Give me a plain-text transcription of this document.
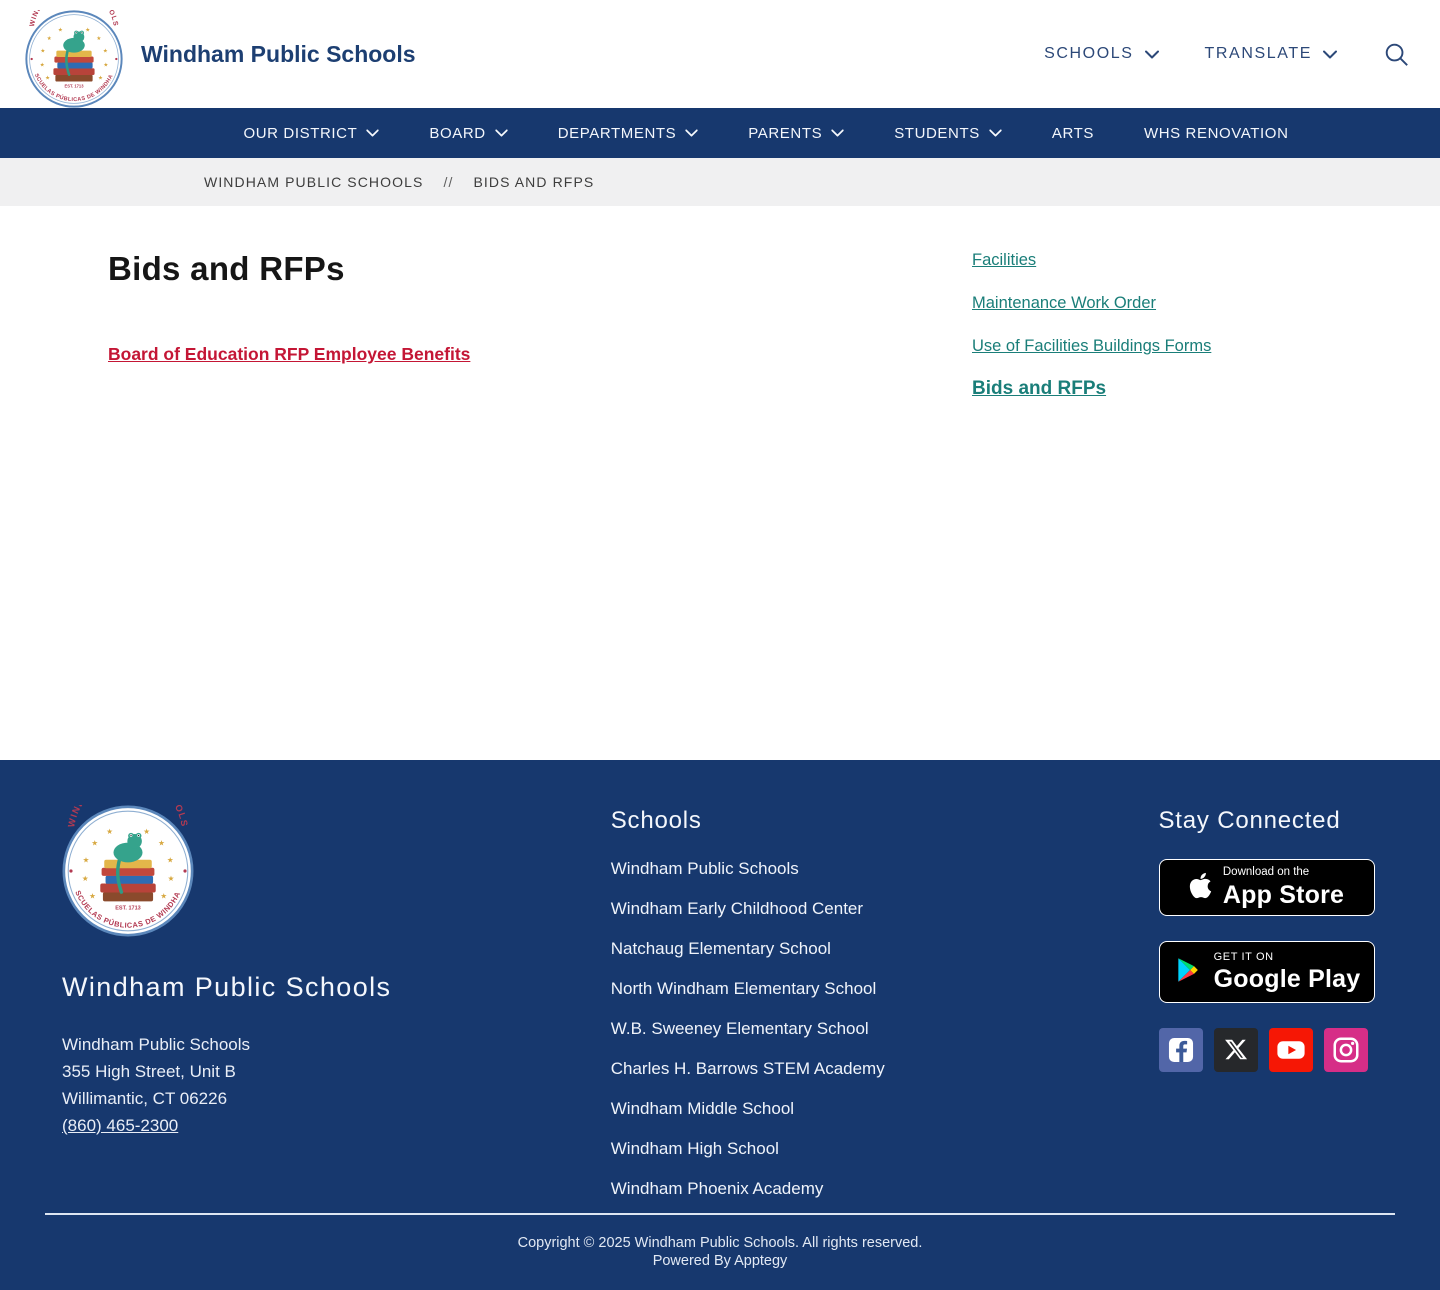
Windham Public Schools	SCHOOLS	TRANSLATE
OUR DISTRICT	BOARD	DEPARTMENTS	PARENTS	STUDENTS	ARTS	WHS RENOVATION
WINDHAM PUBLIC SCHOOLS // BIDS AND RFPS
Bids and RFPs
Board of Education RFP Employee Benefits
Facilities
Maintenance Work Order
Use of Facilities Buildings Forms
Bids and RFPs
Windham Public Schools
Windham Public Schools
355 High Street, Unit B
Willimantic, CT 06226
(860) 465-2300
Schools
Windham Public Schools
Windham Early Childhood Center
Natchaug Elementary School
North Windham Elementary School
W.B. Sweeney Elementary School
Charles H. Barrows STEM Academy
Windham Middle School
Windham High School
Windham Phoenix Academy
Stay Connected
Download on the
App Store
GET IT ON
Google Play
Copyright © 2025 Windham Public Schools. All rights reserved.
Powered By Apptegy
